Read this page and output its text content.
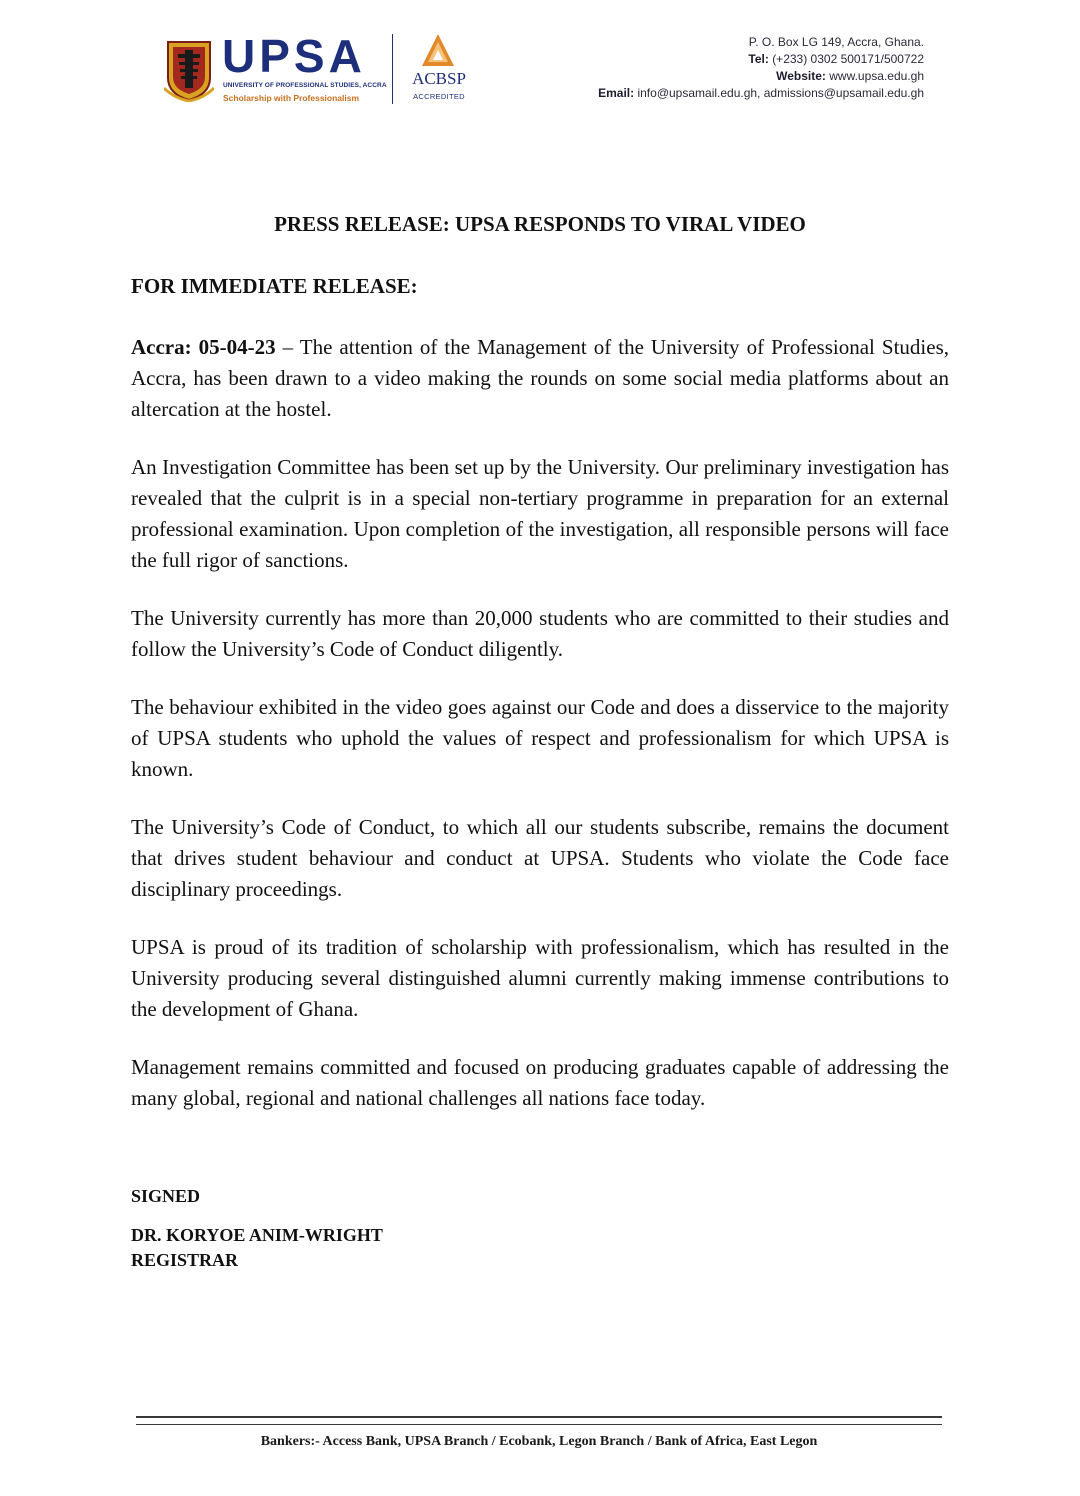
UPSA
UNIVERSITY OF PROFESSIONAL STUDIES, ACCRA
Scholarship with Professionalism
ACBSP
ACCREDITED
P. O. Box LG 149, Accra, Ghana.
Tel: (+233) 0302 500171/500722
Website: www.upsa.edu.gh
Email: info@upsamail.edu.gh, admissions@upsamail.edu.gh
PRESS RELEASE: UPSA RESPONDS TO VIRAL VIDEO
FOR IMMEDIATE RELEASE:

Accra: 05-04-23 – The attention of the Management of the University of Professional Studies, Accra, has been drawn to a video making the rounds on some social media platforms about an altercation at the hostel.

An Investigation Committee has been set up by the University. Our preliminary investigation has revealed that the culprit is in a special non-tertiary programme in preparation for an external professional examination. Upon completion of the investigation, all responsible persons will face the full rigor of sanctions.

The University currently has more than 20,000 students who are committed to their studies and follow the University’s Code of Conduct diligently.

The behaviour exhibited in the video goes against our Code and does a disservice to the majority of UPSA students who uphold the values of respect and professionalism for which UPSA is known.

The University’s Code of Conduct, to which all our students subscribe, remains the document that drives student behaviour and conduct at UPSA. Students who violate the Code face disciplinary proceedings.

UPSA is proud of its tradition of scholarship with professionalism, which has resulted in the University producing several distinguished alumni currently making immense contributions to the development of Ghana.

Management remains committed and focused on producing graduates capable of addressing the many global, regional and national challenges all nations face today.

SIGNED
DR. KORYOE ANIM-WRIGHT
REGISTRAR
Bankers:- Access Bank, UPSA Branch / Ecobank, Legon Branch / Bank of Africa, East Legon
